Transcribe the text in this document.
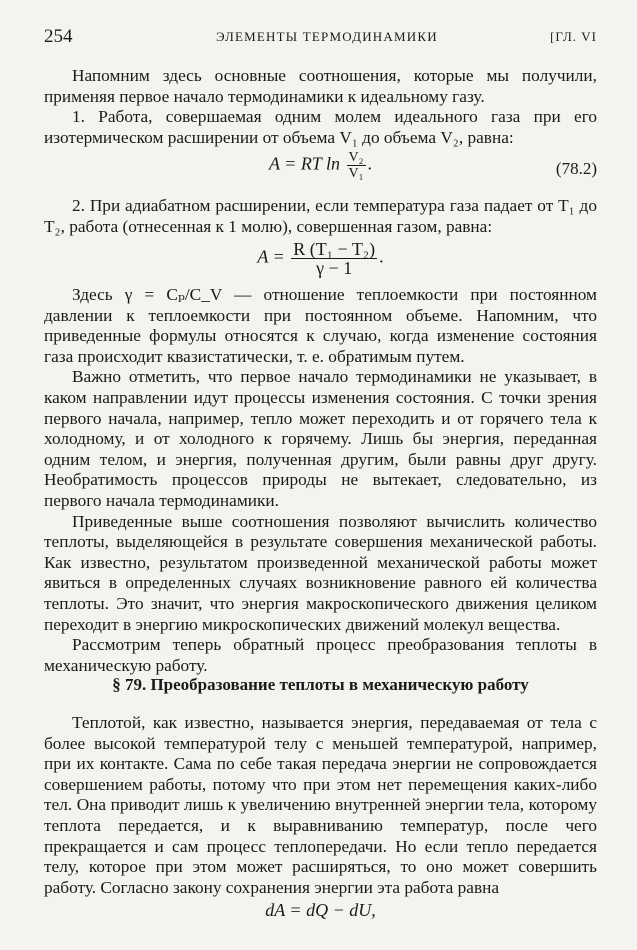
254	ЭЛЕМЕНТЫ ТЕРМОДИНАМИКИ	[ГЛ. VI

Напомним здесь основные соотношения, которые мы получили, применяя первое начало термодинамики к идеальному газу.

1. Работа, совершаемая одним молем идеального газа при его изотермическом расширении от объема V₁ до объема V₂, равна:

A = RT $\ln \frac{\text{V₂}}{\text{V₁}}$ .	(78.2)

2. При адиабатном расширении, если температура газа падает от T₁ до T₂, работа (отнесенная к 1 молю), совершенная газом, равна:

$A = \frac{\text{R (T₁ − T₂)}}{\gamma - 1}$ .

Здесь γ = Cₚ/C_V — отношение теплоемкости при постоянном давлении к теплоемкости при постоянном объеме. Напомним, что приведенные формулы относятся к случаю, когда изменение состояния газа происходит квазистатически, т. е. обратимым путем.

Важно отметить, что первое начало термодинамики не указывает, в каком направлении идут процессы изменения состояния. С точки зрения первого начала, например, тепло может переходить и от горячего тела к холодному, и от холодного к горячему. Лишь бы энергия, переданная одним телом, и энергия, полученная другим, были равны друг другу. Необратимость процессов природы не вытекает, следовательно, из первого начала термодинамики.

Приведенные выше соотношения позволяют вычислить количество теплоты, выделяющейся в результате совершения механической работы. Как известно, результатом произведенной механической работы может явиться в определенных случаях возникновение равного ей количества теплоты. Это значит, что энергия макроскопического движения целиком переходит в энергию микроскопических движений молекул вещества.

Рассмотрим теперь обратный процесс преобразования теплоты в механическую работу.

§ 79. Преобразование теплоты в механическую работу

Теплотой, как известно, называется энергия, передаваемая от тела с более высокой температурой телу с меньшей температурой, например, при их контакте. Сама по себе такая передача энергии не сопровождается совершением работы, потому что при этом нет перемещения каких-либо тел. Она приводит лишь к увеличению внутренней энергии тела, которому теплота передается, и к выравниванию температур, после чего прекращается и сам процесс теплопередачи. Но если тепло передается телу, которое при этом может расширяться, то оно может совершить работу. Согласно закону сохранения энергии эта работа равна

dA = dQ − dU,
